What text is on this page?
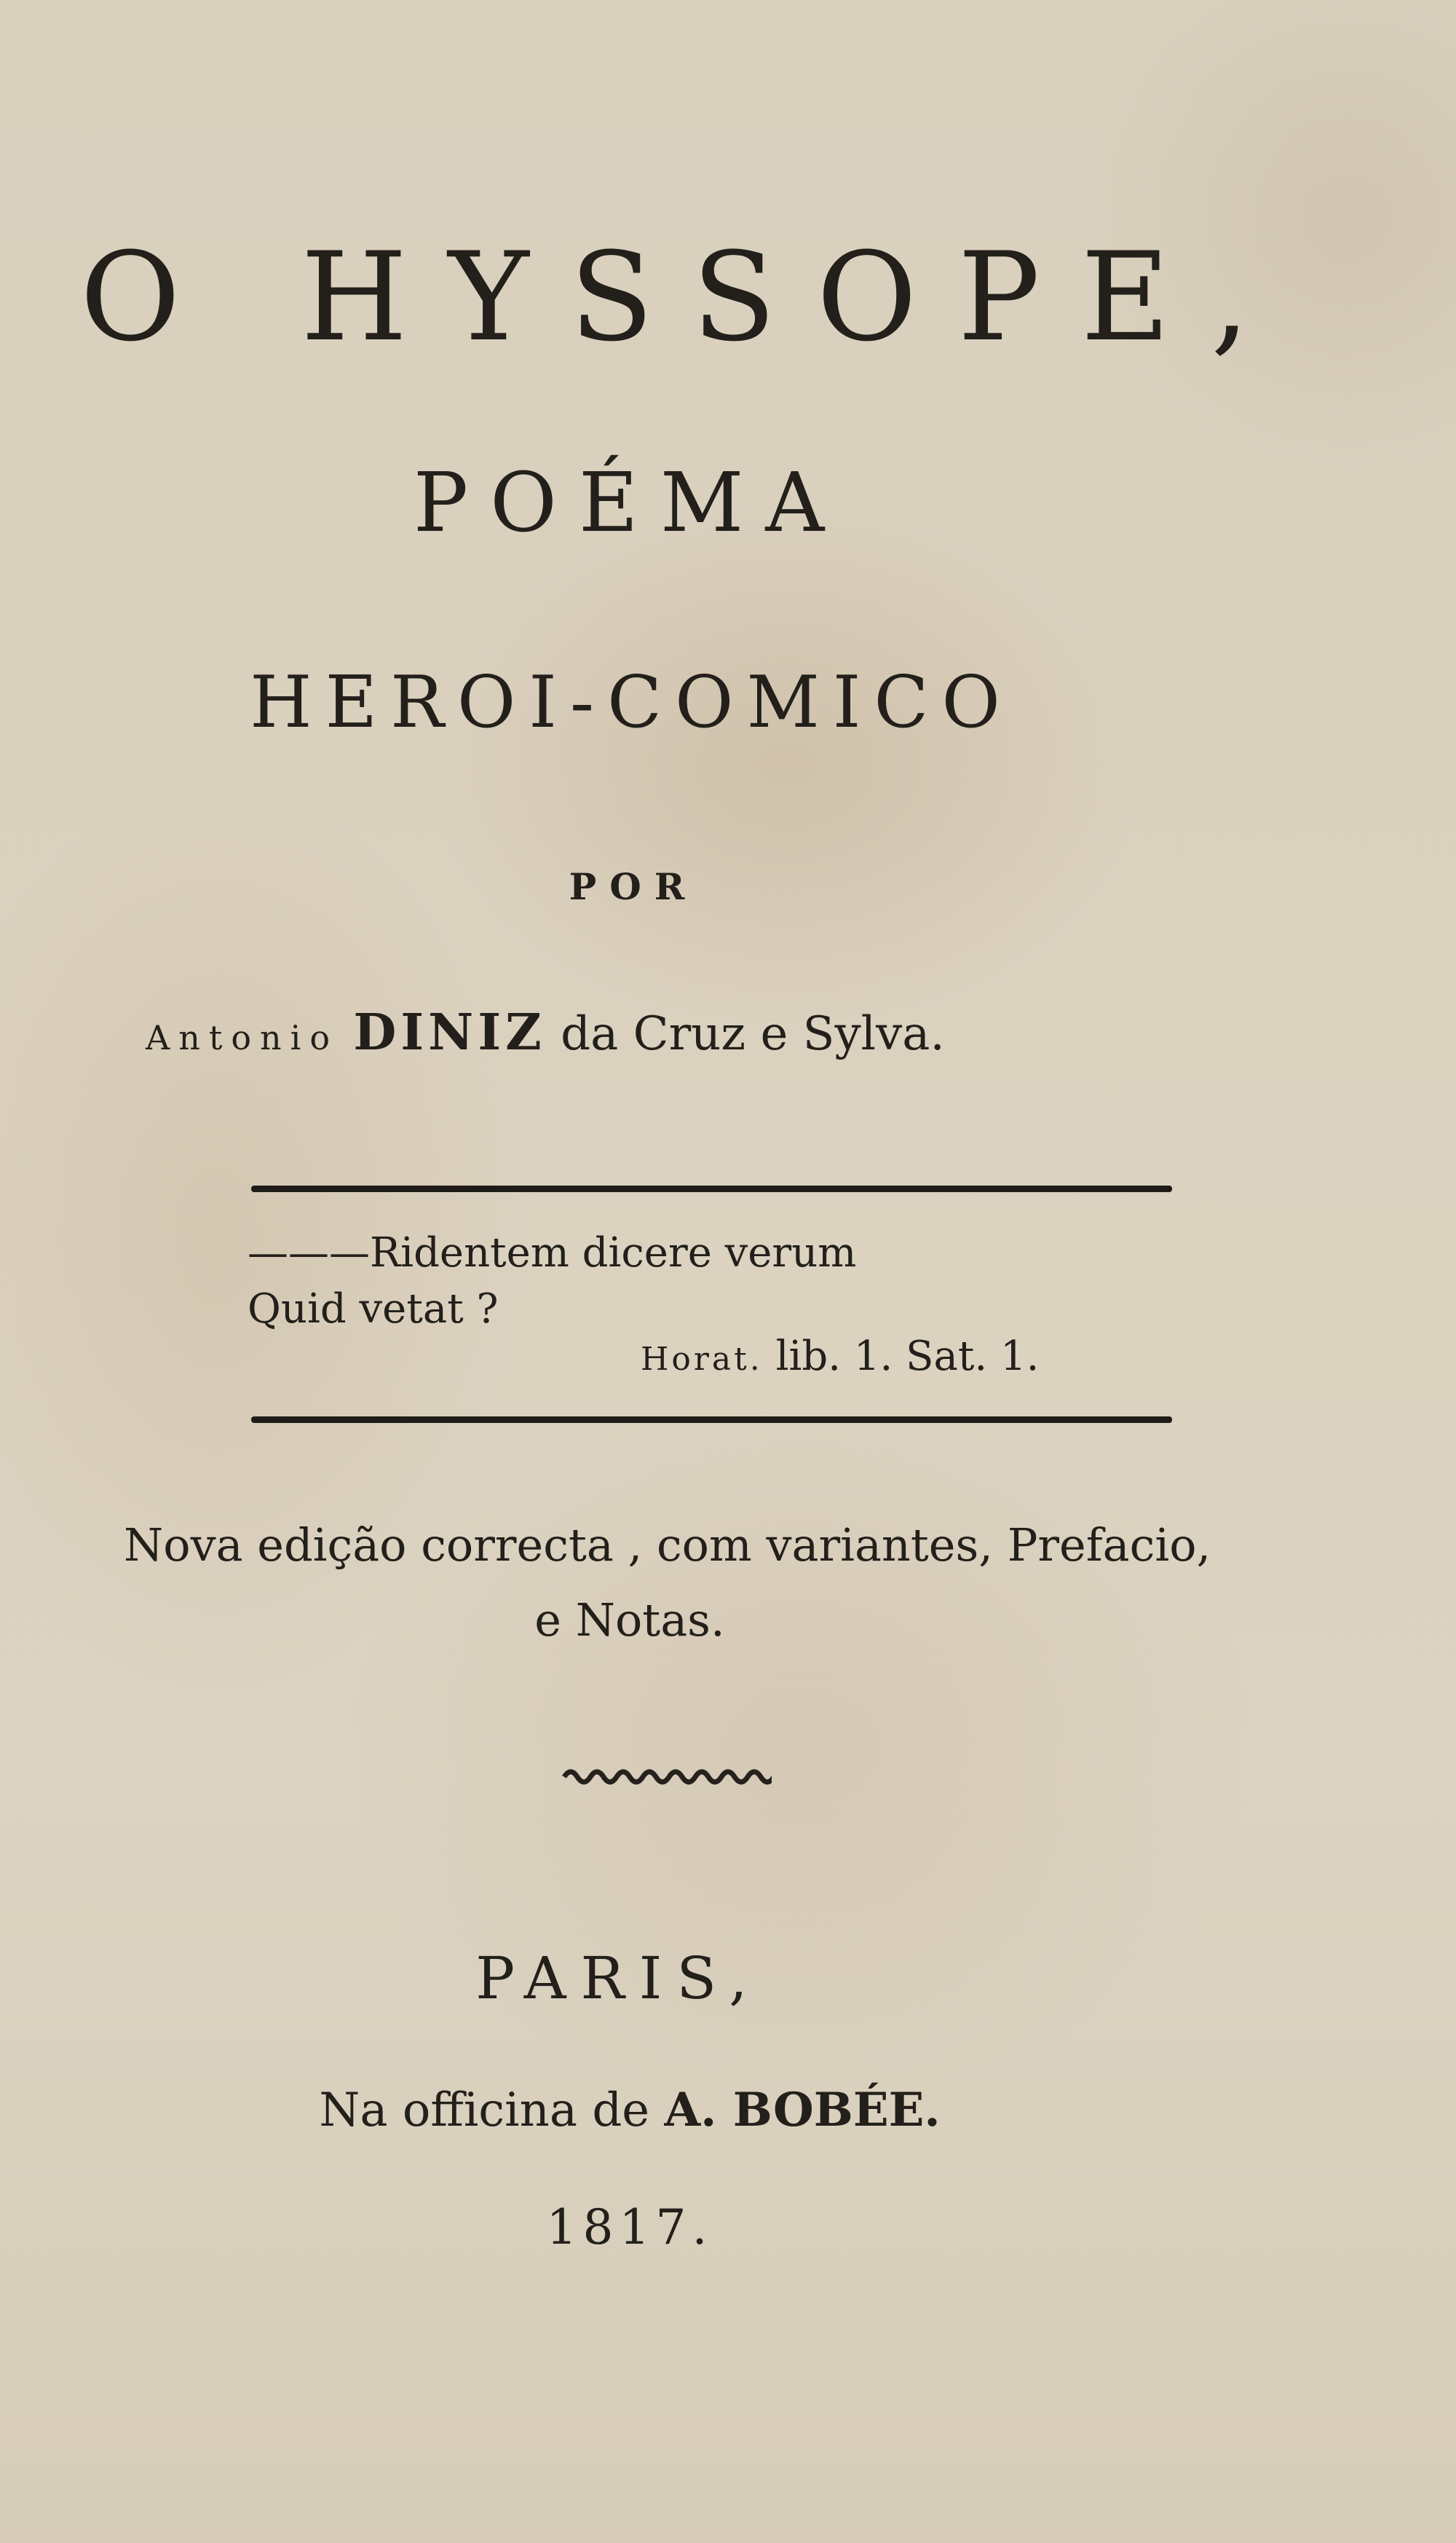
O HYSSOPE,
POÉMA
HEROI-COMICO
POR
Antonio DINIZ da Cruz e Sylva.
———Ridentem dicere verum
Quid vetat ?
Horat. lib. 1. Sat. 1.
Nova edição correcta , com variantes, Prefacio,
e Notas.
PARIS,
Na officina de A. BOBÉE.
1817.
